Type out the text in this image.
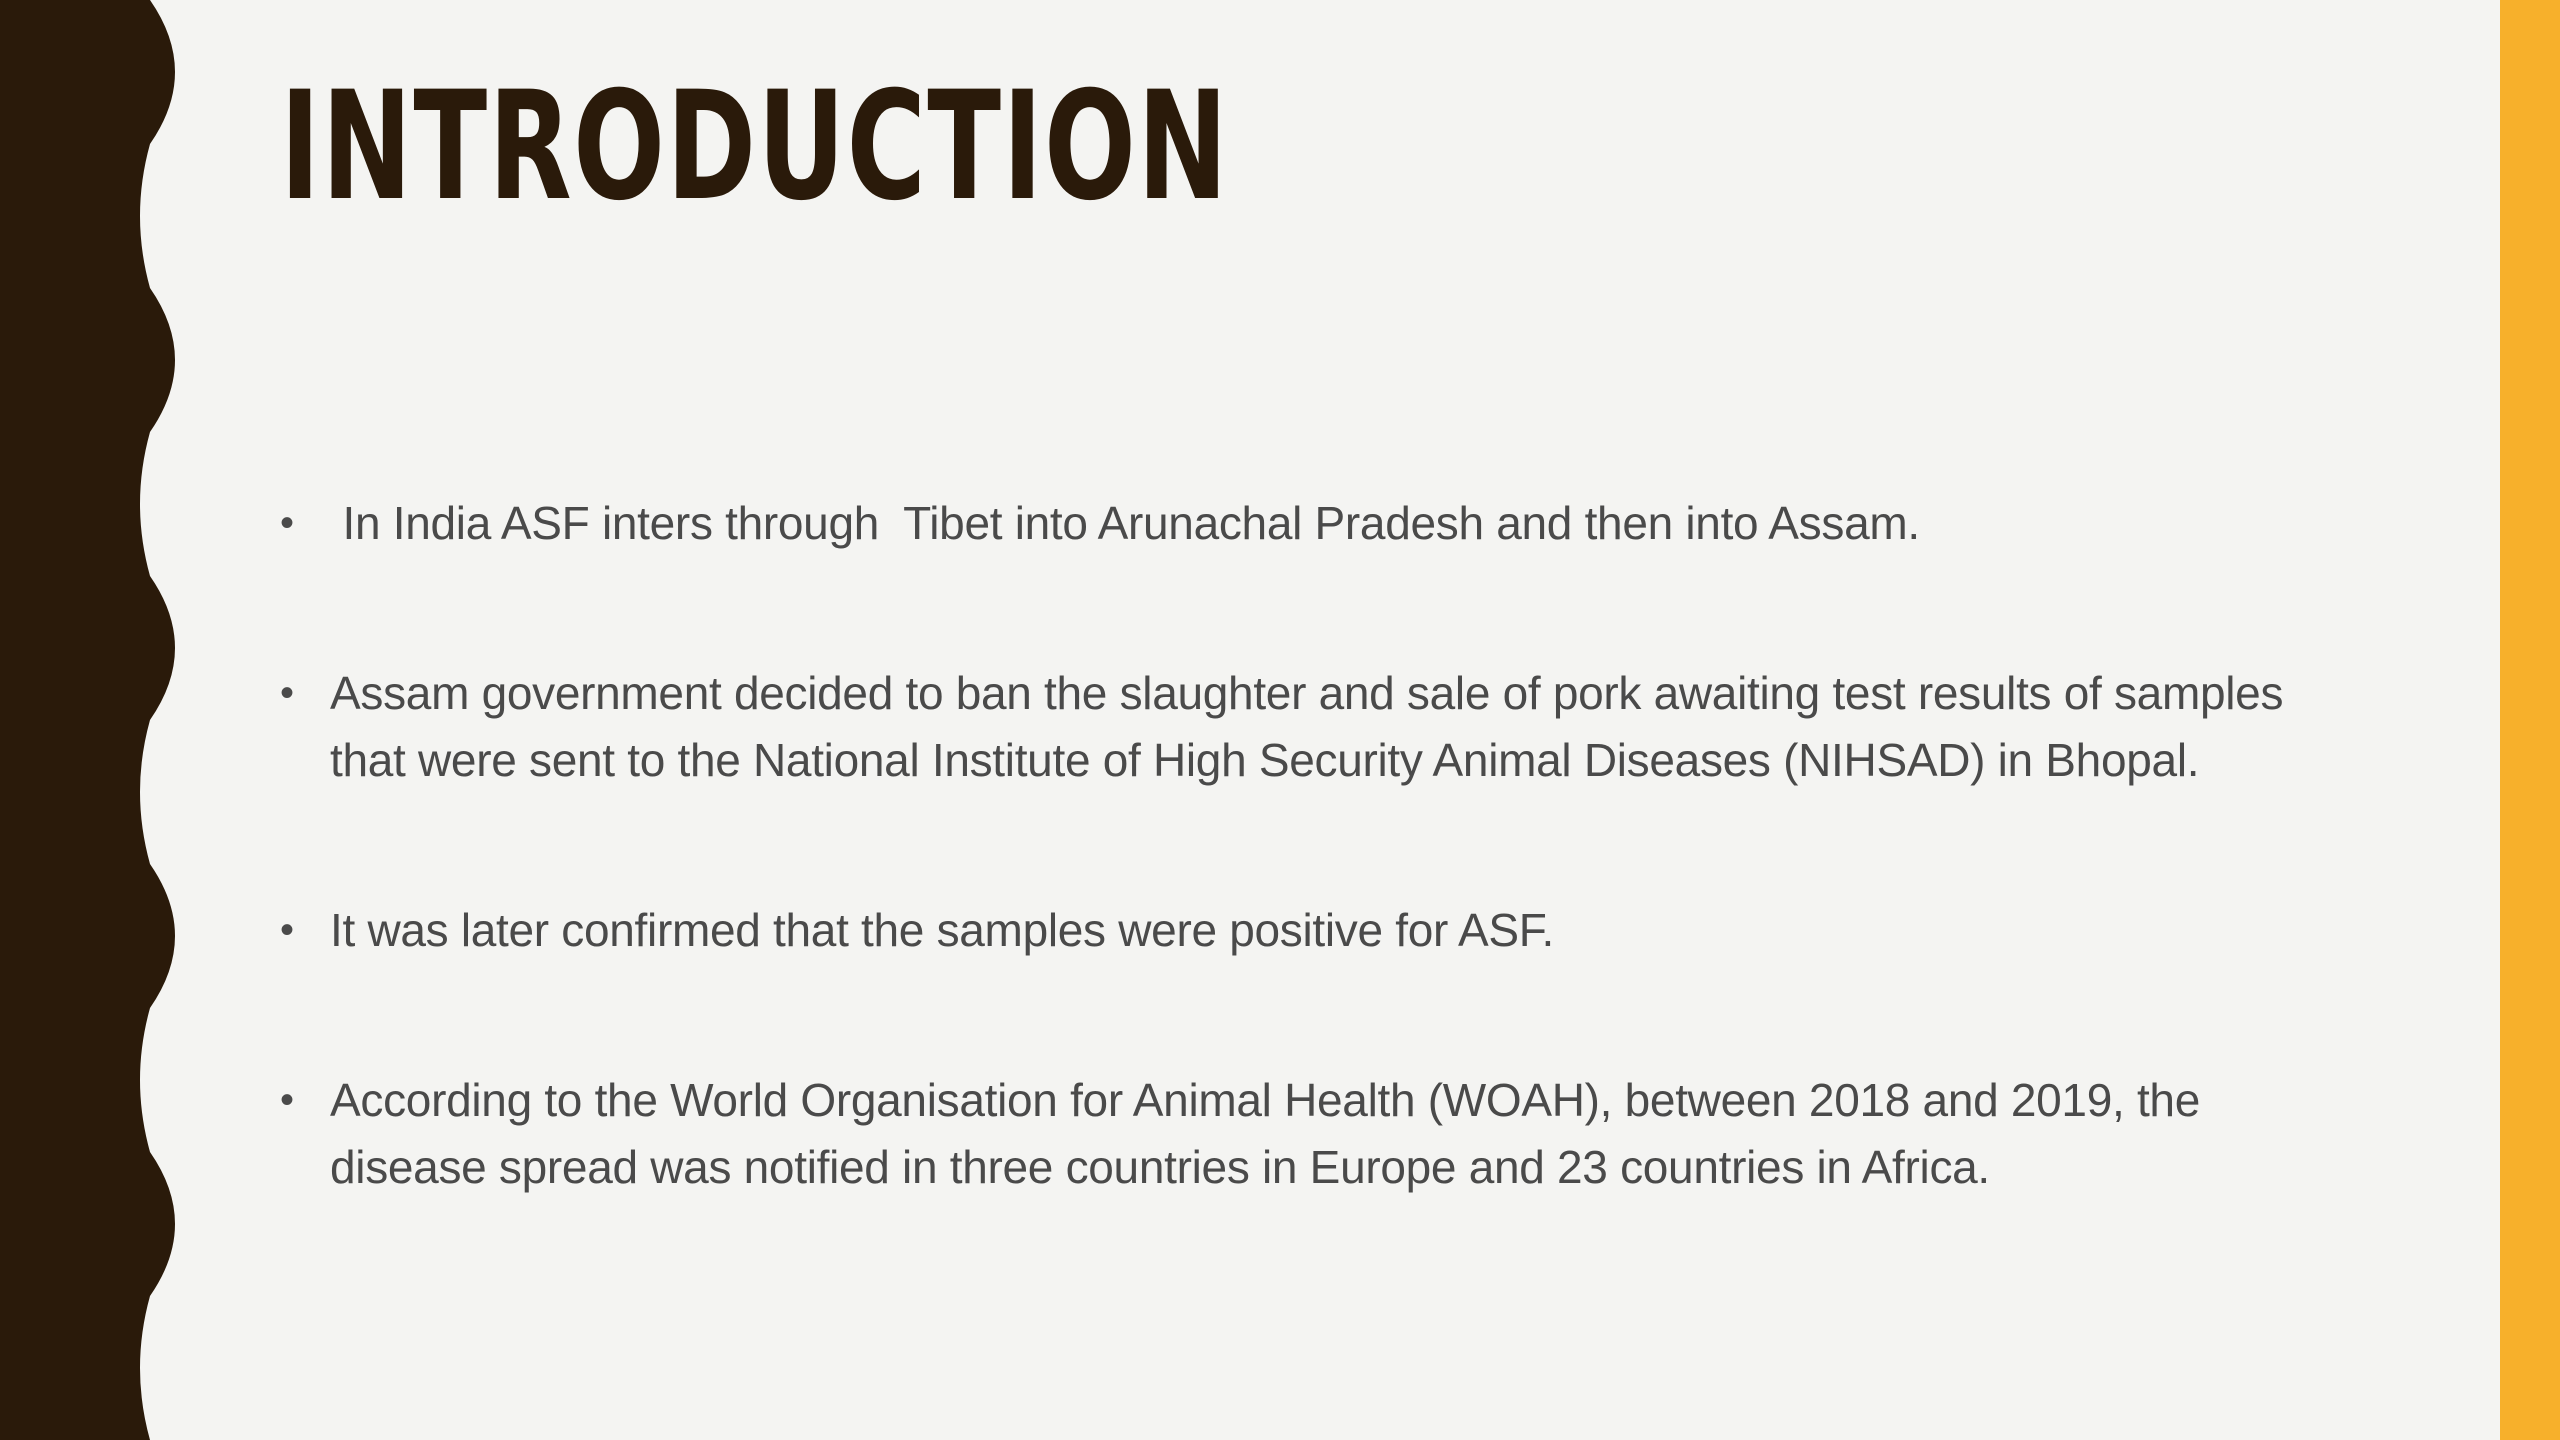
INTRODUCTION
• In India ASF inters through  Tibet into Arunachal Pradesh and then into Assam.
• Assam government decided to ban the slaughter and sale of pork awaiting test results of samples that were sent to the National Institute of High Security Animal Diseases (NIHSAD) in Bhopal.
• It was later confirmed that the samples were positive for ASF.
• According to the World Organisation for Animal Health (WOAH), between 2018 and 2019, the disease spread was notified in three countries in Europe and 23 countries in Africa.
